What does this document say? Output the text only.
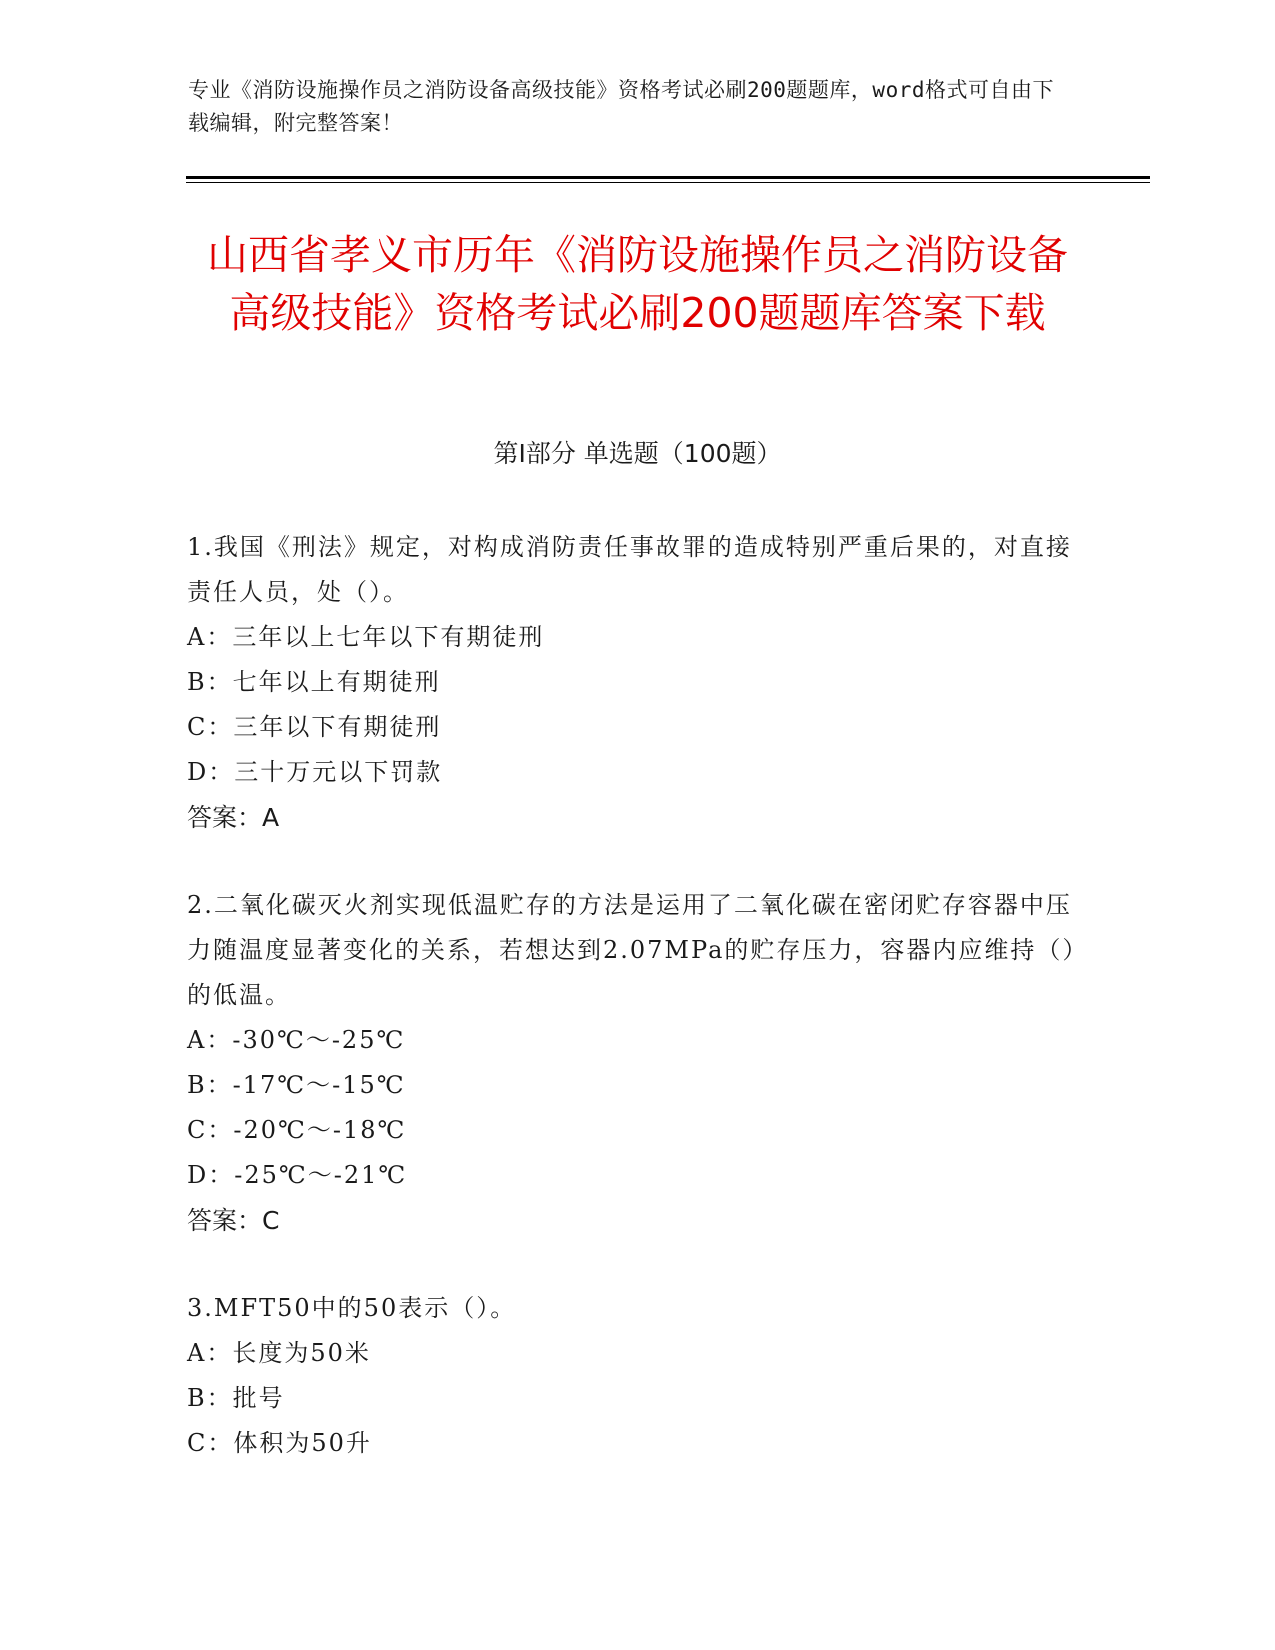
专业《消防设施操作员之消防设备高级技能》资格考试必刷200题题库，word格式可自由下载编辑，附完整答案！
山西省孝义市历年《消防设施操作员之消防设备高级技能》资格考试必刷200题题库答案下载
第Ⅰ部分 单选题（100题）
1.我国《刑法》规定，对构成消防责任事故罪的造成特别严重后果的，对直接责任人员，处（）。
A：三年以上七年以下有期徒刑
B：七年以上有期徒刑
C：三年以下有期徒刑
D：三十万元以下罚款
答案：A
2.二氧化碳灭火剂实现低温贮存的方法是运用了二氧化碳在密闭贮存容器中压力随温度显著变化的关系，若想达到2.07MPa的贮存压力，容器内应维持（）的低温。
A：-30℃～-25℃
B：-17℃～-15℃
C：-20℃～-18℃
D：-25℃～-21℃
答案：C
3.MFT50中的50表示（）。
A：长度为50米
B：批号
C：体积为50升
